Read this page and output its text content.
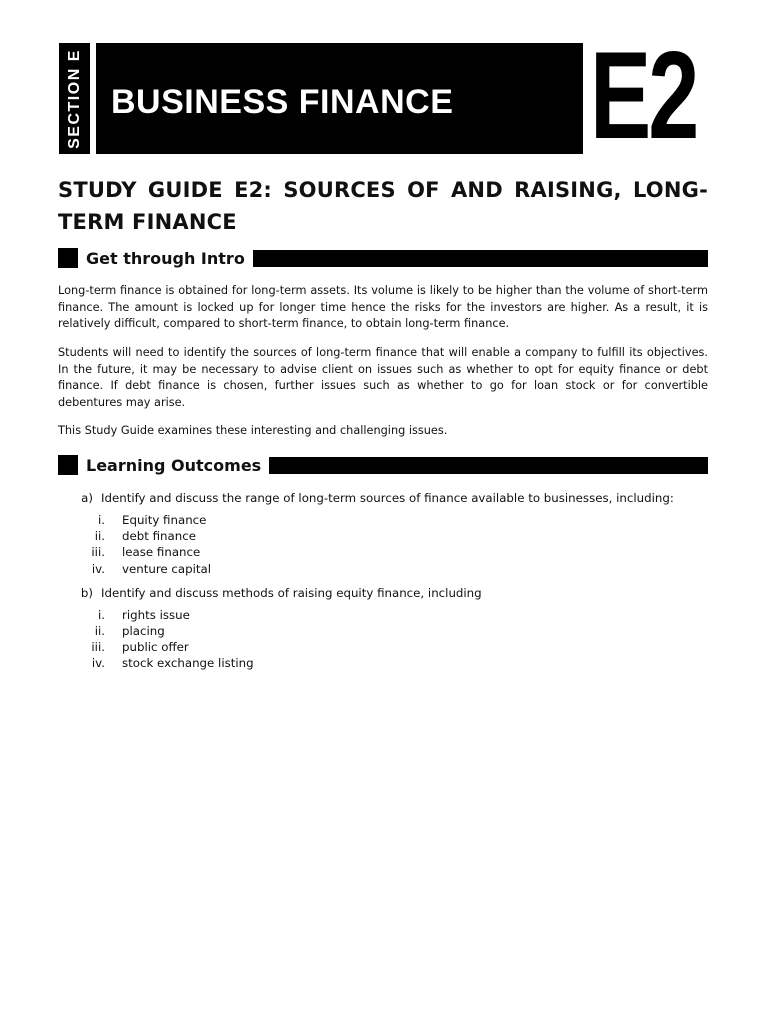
SECTION E BUSINESS FINANCE E2
STUDY GUIDE E2: SOURCES OF AND RAISING, LONG-TERM FINANCE
Get through Intro

Long-term finance is obtained for long-term assets. Its volume is likely to be higher than the volume of short-term finance. The amount is locked up for longer time hence the risks for the investors are higher. As a result, it is relatively difficult, compared to short-term finance, to obtain long-term finance.

Students will need to identify the sources of long-term finance that will enable a company to fulfill its objectives. In the future, it may be necessary to advise client on issues such as whether to opt for equity finance or debt finance. If debt finance is chosen, further issues such as whether to go for loan stock or for convertible debentures may arise.

This Study Guide examines these interesting and challenging issues.

Learning Outcomes
a) Identify and discuss the range of long-term sources of finance available to businesses, including:
i. Equity finance
ii. debt finance
iii. lease finance
iv. venture capital
b) Identify and discuss methods of raising equity finance, including
i. rights issue
ii. placing
iii. public offer
iv. stock exchange listing
